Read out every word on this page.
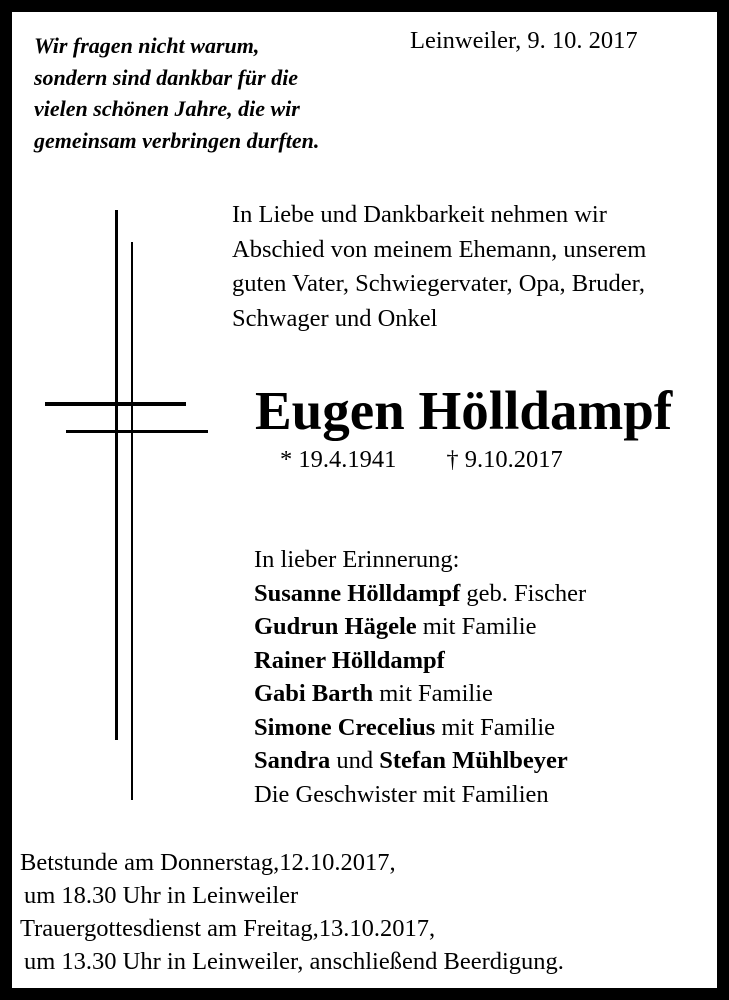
Wir fragen nicht warum,
sondern sind dankbar für die
vielen schönen Jahre, die wir
gemeinsam verbringen durften.
Leinweiler, 9. 10. 2017
In Liebe und Dankbarkeit nehmen wir
Abschied von meinem Ehemann, unserem
guten Vater, Schwiegervater, Opa, Bruder,
Schwager und Onkel
Eugen Hölldampf
* 19.4.1941 † 9.10.2017
In lieber Erinnerung:
Susanne Hölldampf geb. Fischer
Gudrun Hägele mit Familie
Rainer Hölldampf
Gabi Barth mit Familie
Simone Crecelius mit Familie
Sandra und Stefan Mühlbeyer
Die Geschwister mit Familien
Betstunde am Donnerstag,12.10.2017,
um 18.30 Uhr in Leinweiler
Trauergottesdienst am Freitag,13.10.2017,
um 13.30 Uhr in Leinweiler, anschließend Beerdigung.
